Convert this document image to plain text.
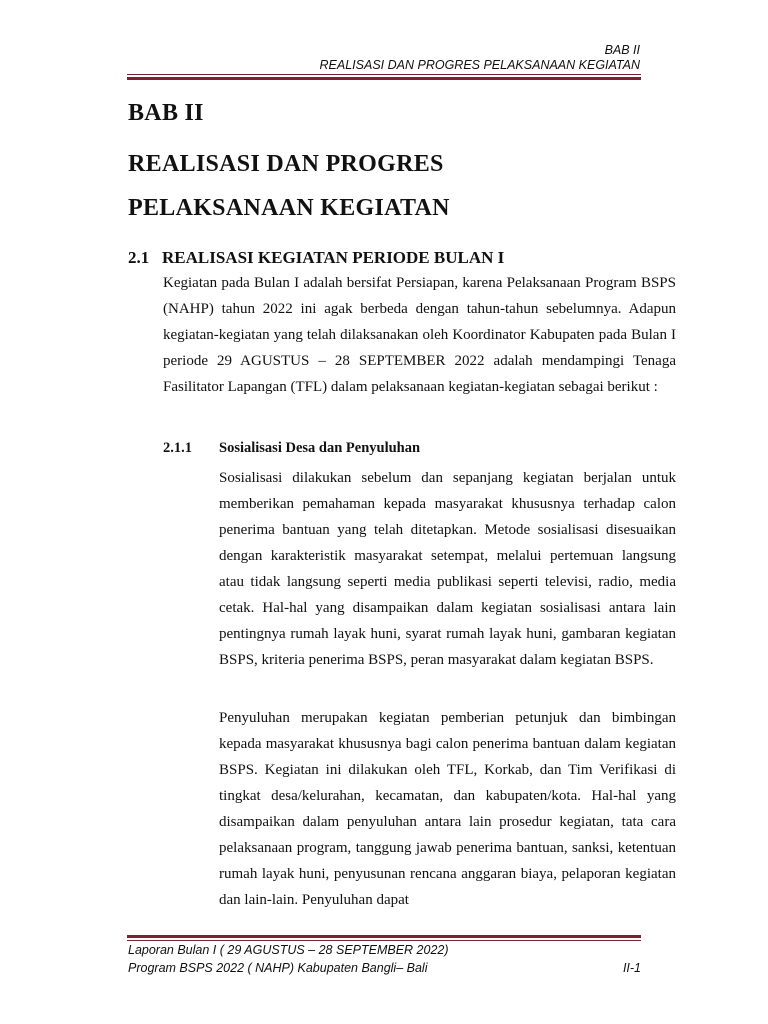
BAB II
REALISASI DAN PROGRES PELAKSANAAN KEGIATAN
BAB II
REALISASI DAN PROGRES
PELAKSANAAN KEGIATAN
2.1 REALISASI KEGIATAN PERIODE BULAN I

Kegiatan pada Bulan I adalah bersifat Persiapan, karena Pelaksanaan Program BSPS (NAHP) tahun 2022 ini agak berbeda dengan tahun-tahun sebelumnya. Adapun kegiatan-kegiatan yang telah dilaksanakan oleh Koordinator Kabupaten pada Bulan I periode 29 AGUSTUS – 28 SEPTEMBER 2022 adalah mendampingi Tenaga Fasilitator Lapangan (TFL) dalam pelaksanaan kegiatan-kegiatan sebagai berikut :

2.1.1 Sosialisasi Desa dan Penyuluhan

Sosialisasi dilakukan sebelum dan sepanjang kegiatan berjalan untuk memberikan pemahaman kepada masyarakat khususnya terhadap calon penerima bantuan yang telah ditetapkan. Metode sosialisasi disesuaikan dengan karakteristik masyarakat setempat, melalui pertemuan langsung atau tidak langsung seperti media publikasi seperti televisi, radio, media cetak. Hal-hal yang disampaikan dalam kegiatan sosialisasi antara lain pentingnya rumah layak huni, syarat rumah layak huni, gambaran kegiatan BSPS, kriteria penerima BSPS, peran masyarakat dalam kegiatan BSPS.

Penyuluhan merupakan kegiatan pemberian petunjuk dan bimbingan kepada masyarakat khususnya bagi calon penerima bantuan dalam kegiatan BSPS. Kegiatan ini dilakukan oleh TFL, Korkab, dan Tim Verifikasi di tingkat desa/kelurahan, kecamatan, dan kabupaten/kota. Hal-hal yang disampaikan dalam penyuluhan antara lain prosedur kegiatan, tata cara pelaksanaan program, tanggung jawab penerima bantuan, sanksi, ketentuan rumah layak huni, penyusunan rencana anggaran biaya, pelaporan kegiatan dan lain-lain. Penyuluhan dapat

Laporan Bulan I ( 29 AGUSTUS – 28 SEPTEMBER 2022)
Program BSPS 2022 ( NAHP) Kabupaten Bangli– Bali	II-1
